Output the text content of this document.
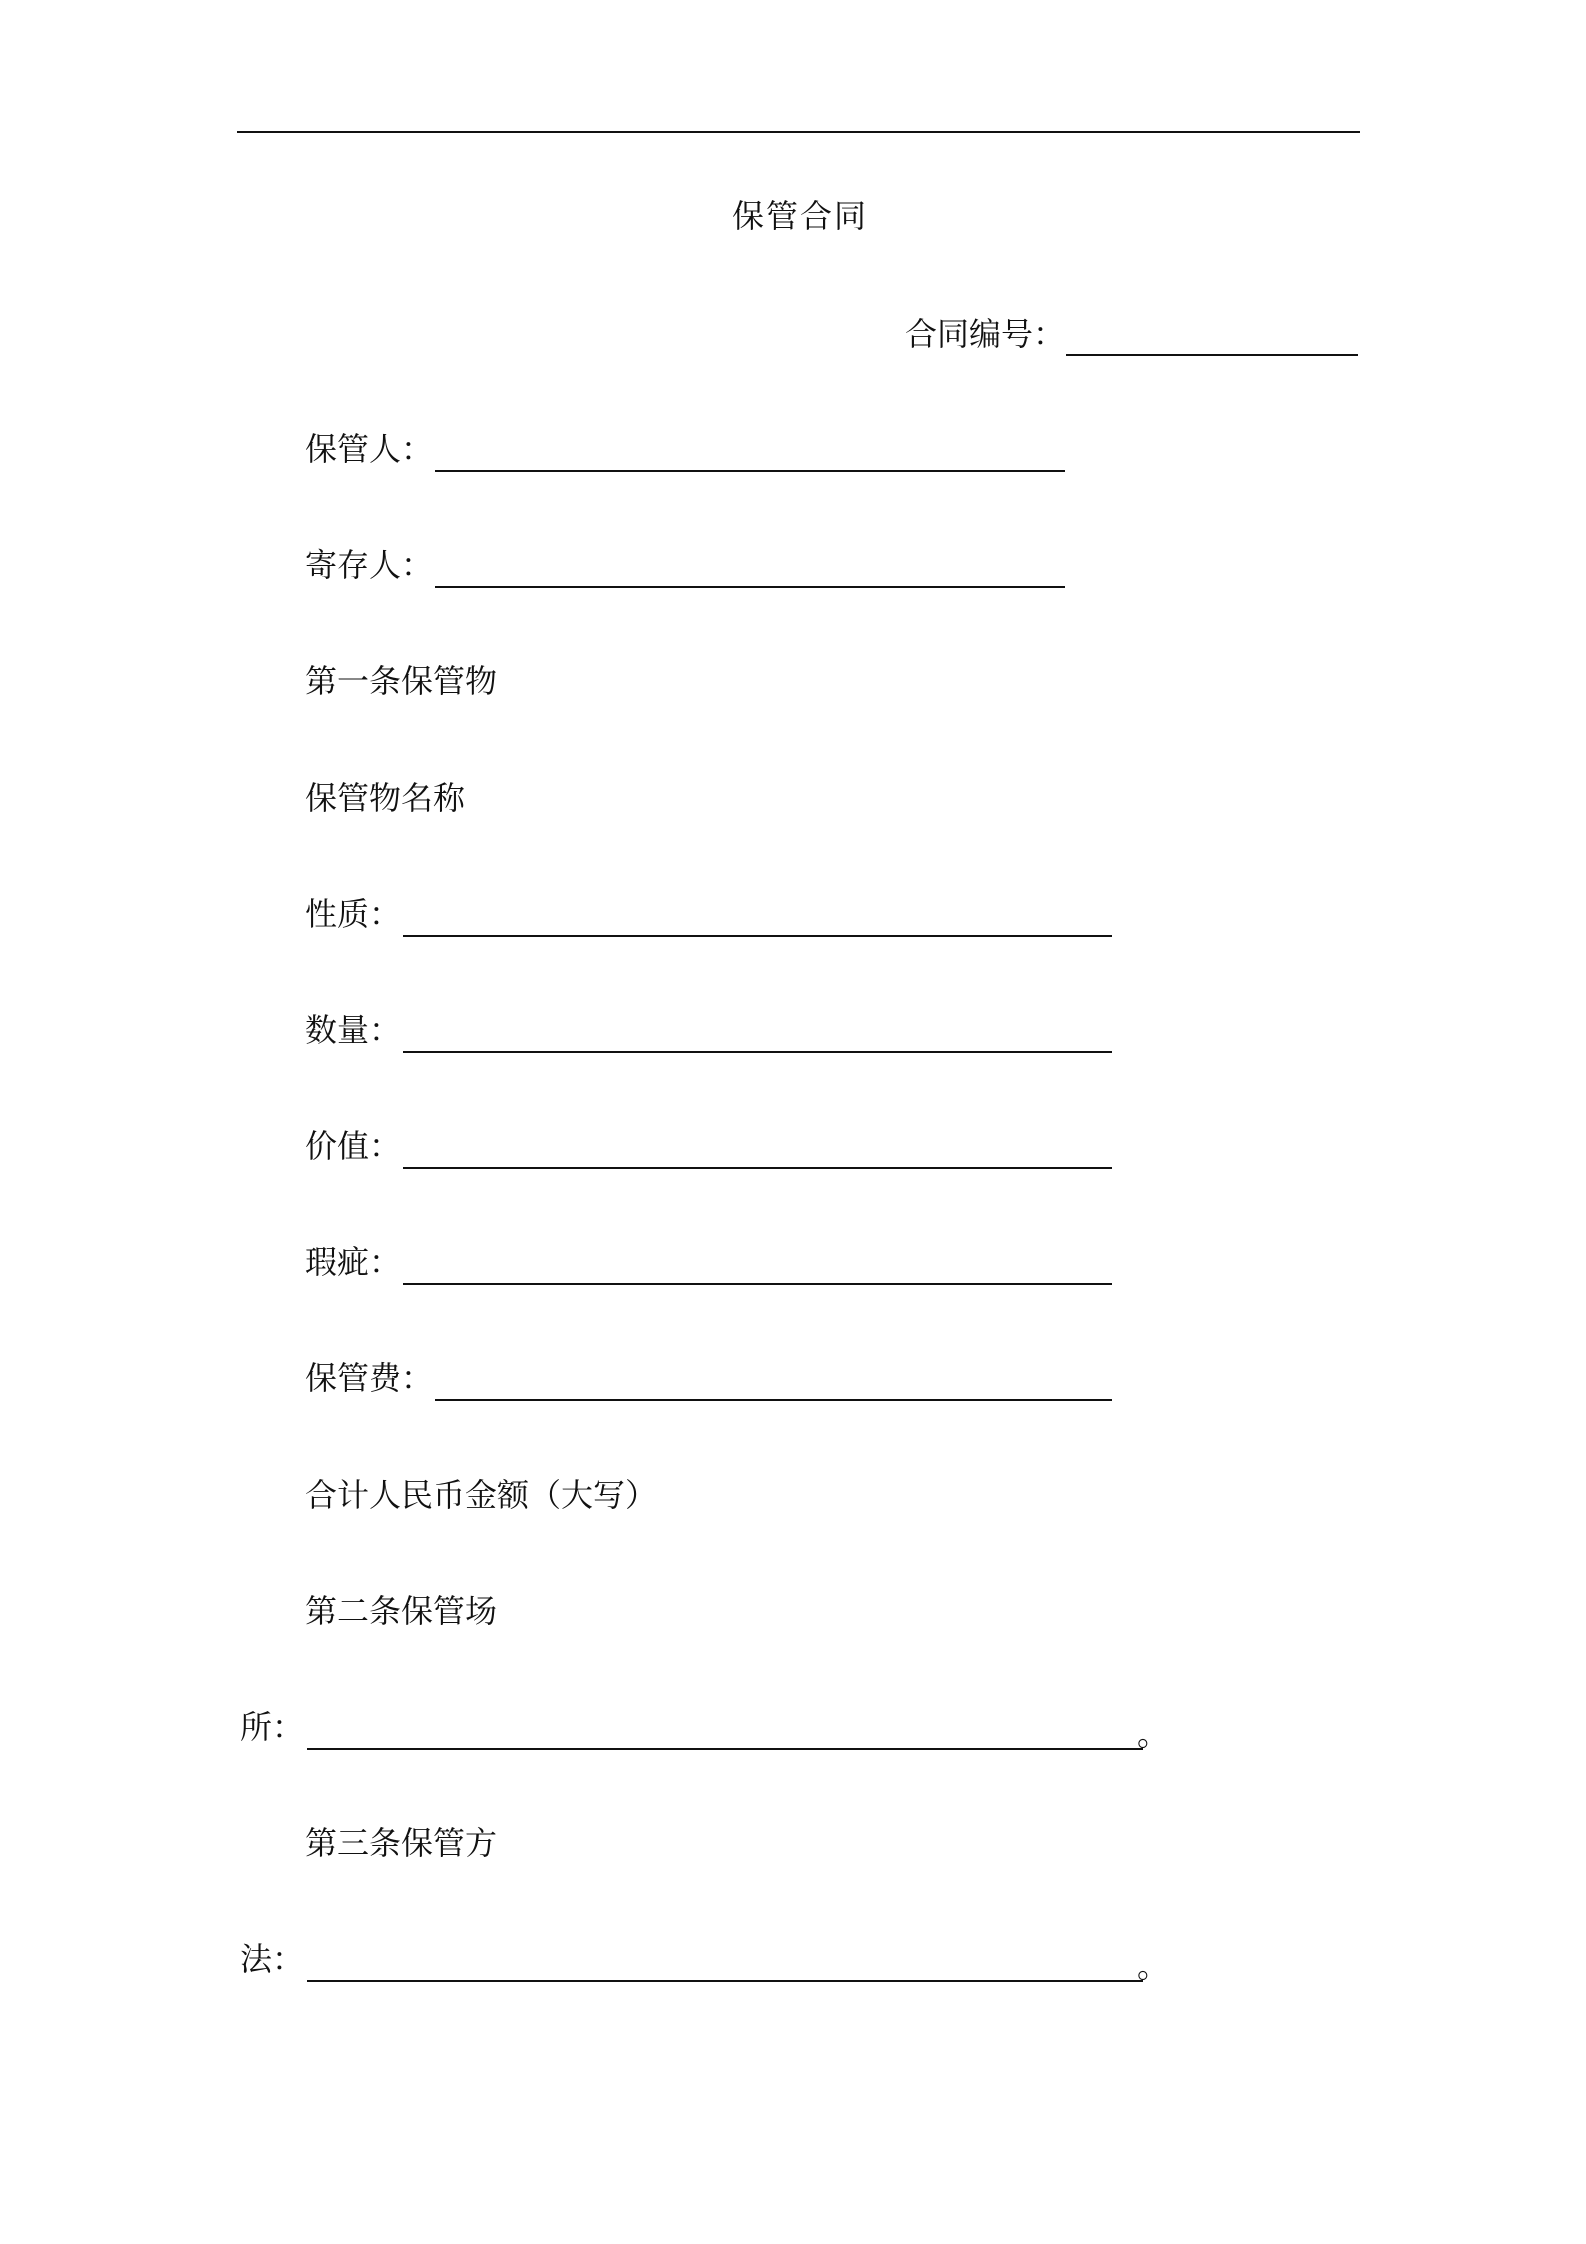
保管合同
合同编号：
保管人：
寄存人：
第一条保管物
保管物名称
性质：
数量：
价值：
瑕疵：
保管费：
合计人民币金额（大写）
第二条保管场
所：	。
第三条保管方
法：	。
